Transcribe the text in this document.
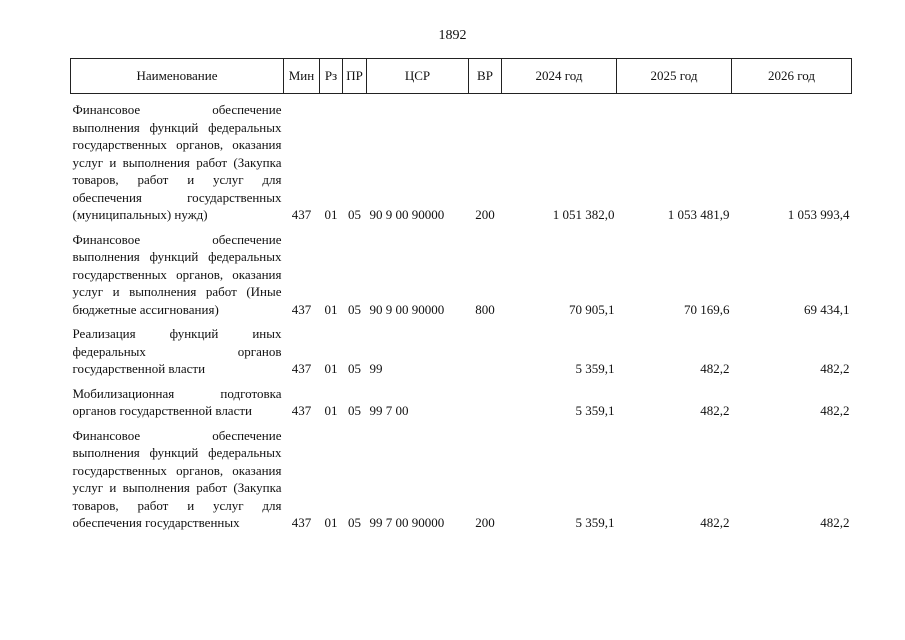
1892
Наименование	Мин	Рз	ПР	ЦСР	ВР	2024 год	2025 год	2026 год
Финансовое обеспечение выполнения функций федеральных государственных органов, оказания услуг и выполнения работ (Закупка товаров, работ и услуг для обеспечения государственных (муниципальных) нужд)	437	01	05	90 9 00 90000	200	1 051 382,0	1 053 481,9	1 053 993,4
Финансовое обеспечение выполнения функций федеральных государственных органов, оказания услуг и выполнения работ (Иные бюджетные ассигнования)	437	01	05	90 9 00 90000	800	70 905,1	70 169,6	69 434,1
Реализация функций иных федеральных органов государственной власти	437	01	05	99		5 359,1	482,2	482,2
Мобилизационная подготовка органов государственной власти	437	01	05	99 7 00		5 359,1	482,2	482,2
Финансовое обеспечение выполнения функций федеральных государственных органов, оказания услуг и выполнения работ (Закупка товаров, работ и услуг для обеспечения государственных	437	01	05	99 7 00 90000	200	5 359,1	482,2	482,2
